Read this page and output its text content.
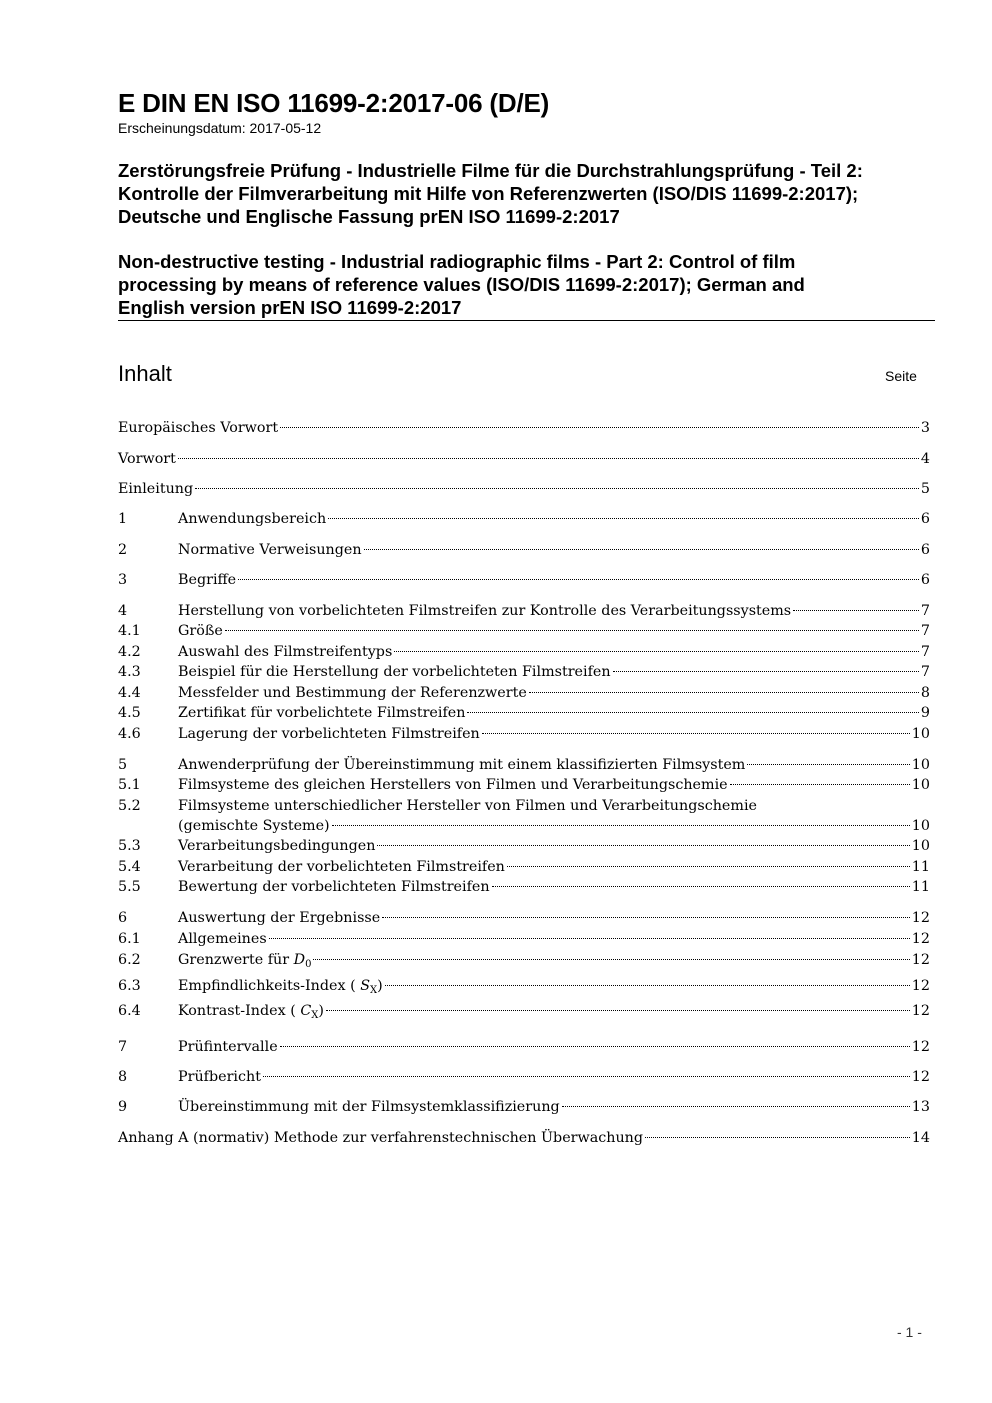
E DIN EN ISO 11699-2:2017-06 (D/E)
Erscheinungsdatum: 2017-05-12
Zerstörungsfreie Prüfung - Industrielle Filme für die Durchstrahlungsprüfung - Teil 2:
Kontrolle der Filmverarbeitung mit Hilfe von Referenzwerten (ISO/DIS 11699-2:2017);
Deutsche und Englische Fassung prEN ISO 11699-2:2017
Non-destructive testing - Industrial radiographic films - Part 2: Control of film
processing by means of reference values (ISO/DIS 11699-2:2017); German and
English version prEN ISO 11699-2:2017
Inhalt	Seite
Europäisches Vorwort	3
Vorwort	4
Einleitung	5
1	Anwendungsbereich	6
2	Normative Verweisungen	6
3	Begriffe	6
4	Herstellung von vorbelichteten Filmstreifen zur Kontrolle des Verarbeitungssystems	7
4.1	Größe	7
4.2	Auswahl des Filmstreifentyps	7
4.3	Beispiel für die Herstellung der vorbelichteten Filmstreifen	7
4.4	Messfelder und Bestimmung der Referenzwerte	8
4.5	Zertifikat für vorbelichtete Filmstreifen	9
4.6	Lagerung der vorbelichteten Filmstreifen	10
5	Anwenderprüfung der Übereinstimmung mit einem klassifizierten Filmsystem	10
5.1	Filmsysteme des gleichen Herstellers von Filmen und Verarbeitungschemie	10
5.2	Filmsysteme unterschiedlicher Hersteller von Filmen und Verarbeitungschemie
(gemischte Systeme)	10
5.3	Verarbeitungsbedingungen	10
5.4	Verarbeitung der vorbelichteten Filmstreifen	11
5.5	Bewertung der vorbelichteten Filmstreifen	11
6	Auswertung der Ergebnisse	12
6.1	Allgemeines	12
6.2	Grenzwerte für $D_0$	12
6.3	Empfindlichkeits-Index ( $S_X$)	12
6.4	Kontrast-Index ( $C_X$)	12
7	Prüfintervalle	12
8	Prüfbericht	12
9	Übereinstimmung mit der Filmsystemklassifizierung	13
Anhang A (normativ) Methode zur verfahrenstechnischen Überwachung	14
- 1 -
